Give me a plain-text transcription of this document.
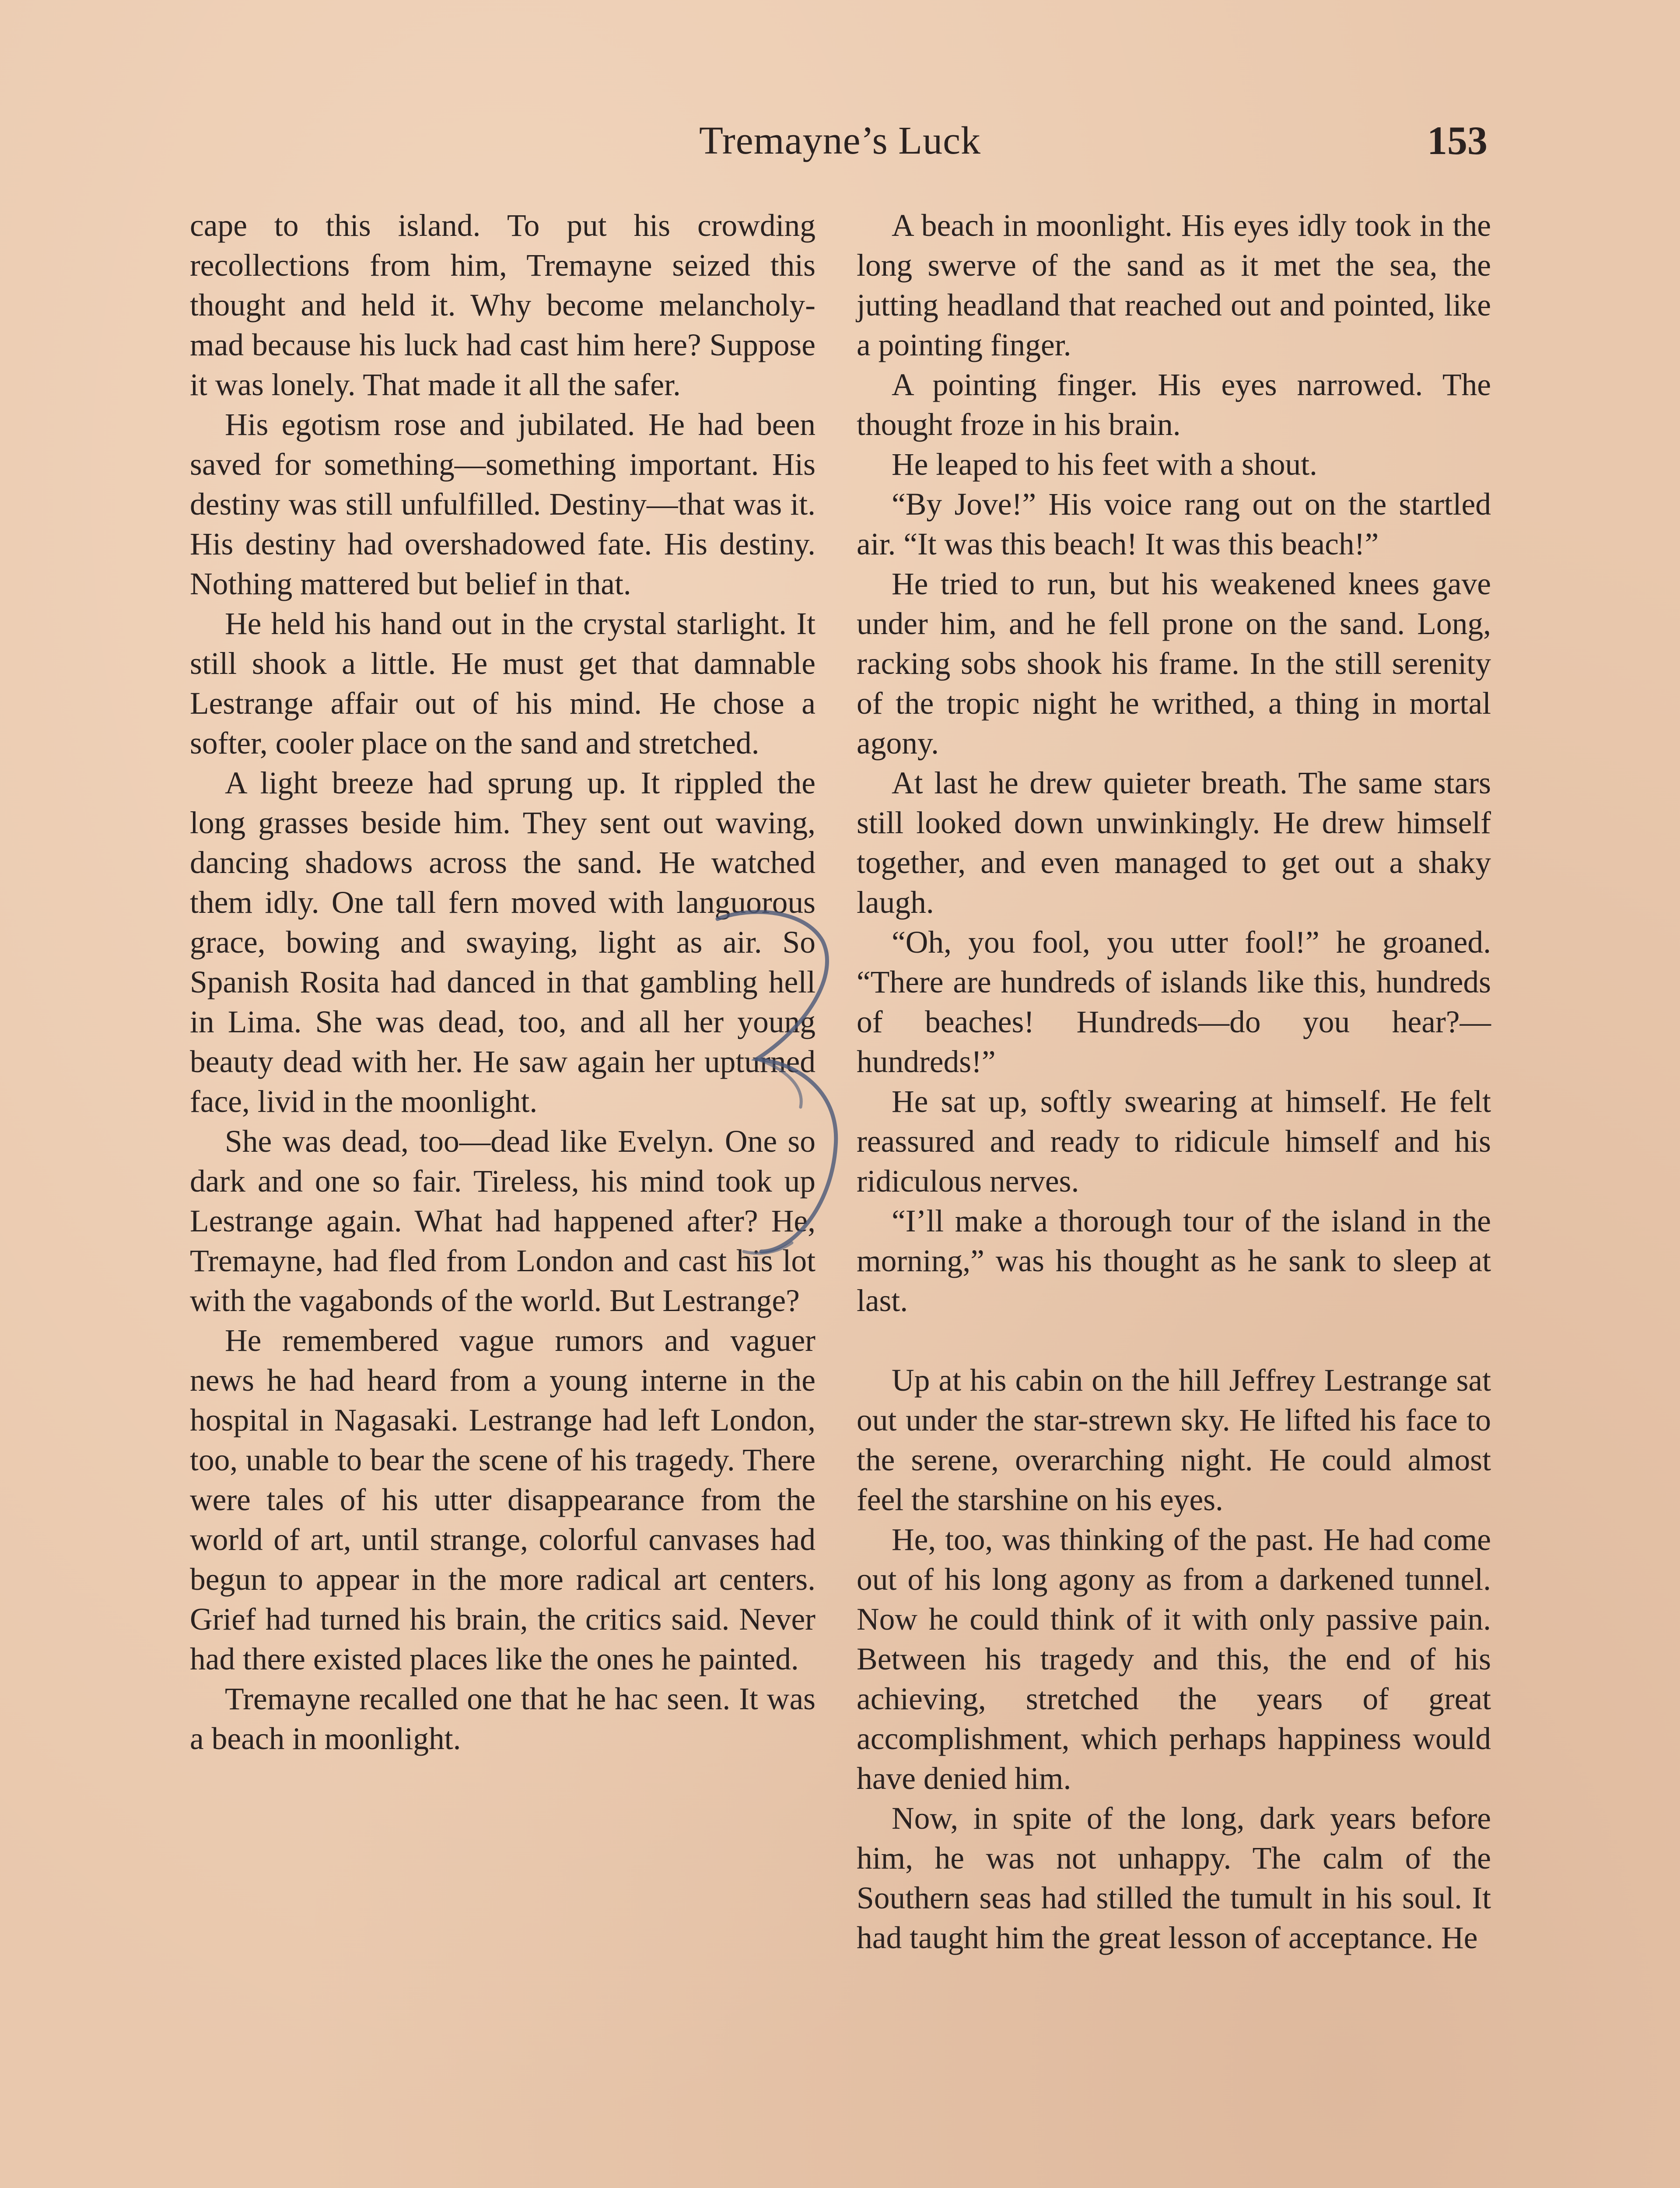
Tremayne’s Luck	153

cape to this island. To put his crowding recollections from him, Tremayne seized this thought and held it. Why become melancholy-mad because his luck had cast him here? Suppose it was lonely. That made it all the safer.

His egotism rose and jubilated. He had been saved for something—something important. His destiny was still unfulfilled. Destiny—that was it. His destiny had overshadowed fate. His destiny. Nothing mattered but belief in that.

He held his hand out in the crystal starlight. It still shook a little. He must get that damnable Lestrange affair out of his mind. He chose a softer, cooler place on the sand and stretched.

A light breeze had sprung up. It rippled the long grasses beside him. They sent out waving, dancing shadows across the sand. He watched them idly. One tall fern moved with languorous grace, bowing and swaying, light as air. So Spanish Rosita had danced in that gambling hell in Lima. She was dead, too, and all her young beauty dead with her. He saw again her upturned face, livid in the moonlight.

She was dead, too—dead like Evelyn. One so dark and one so fair. Tireless, his mind took up Lestrange again. What had happened after? He, Tremayne, had fled from London and cast his lot with the vagabonds of the world. But Lestrange?

He remembered vague rumors and vaguer news he had heard from a young interne in the hospital in Nagasaki. Lestrange had left London, too, unable to bear the scene of his tragedy. There were tales of his utter disappearance from the world of art, until strange, colorful canvases had begun to appear in the more radical art centers. Grief had turned his brain, the critics said. Never had there existed places like the ones he painted.

Tremayne recalled one that he hac seen. It was a beach in moonlight.

A beach in moonlight. His eyes idly took in the long swerve of the sand as it met the sea, the jutting headland that reached out and pointed, like a pointing finger.

A pointing finger. His eyes narrowed. The thought froze in his brain.

He leaped to his feet with a shout.

“By Jove!” His voice rang out on the startled air. “It was this beach! It was this beach!”

He tried to run, but his weakened knees gave under him, and he fell prone on the sand. Long, racking sobs shook his frame. In the still serenity of the tropic night he writhed, a thing in mortal agony.

At last he drew quieter breath. The same stars still looked down unwinkingly. He drew himself together, and even managed to get out a shaky laugh.

“Oh, you fool, you utter fool!” he groaned. “There are hundreds of islands like this, hundreds of beaches! Hundreds—do you hear?—hundreds!”

He sat up, softly swearing at himself. He felt reassured and ready to ridicule himself and his ridiculous nerves.

“I’ll make a thorough tour of the island in the morning,” was his thought as he sank to sleep at last.

Up at his cabin on the hill Jeffrey Lestrange sat out under the star-strewn sky. He lifted his face to the serene, overarching night. He could almost feel the starshine on his eyes.

He, too, was thinking of the past. He had come out of his long agony as from a darkened tunnel. Now he could think of it with only passive pain. Between his tragedy and this, the end of his achieving, stretched the years of great accomplishment, which perhaps happiness would have denied him.

Now, in spite of the long, dark years before him, he was not unhappy. The calm of the Southern seas had stilled the tumult in his soul. It had taught him the great lesson of acceptance. He
